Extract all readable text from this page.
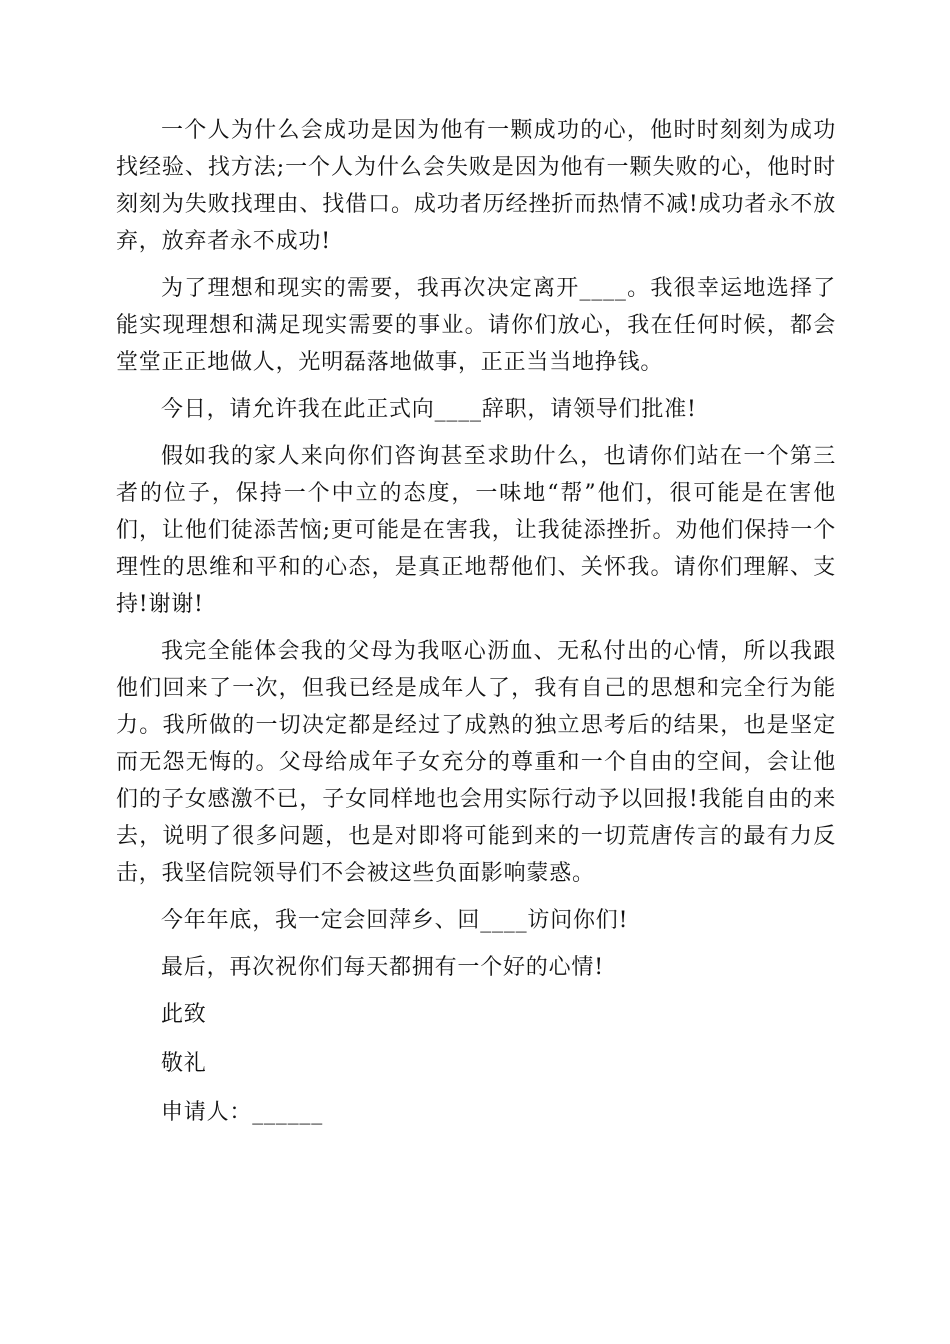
一个人为什么会成功是因为他有一颗成功的心，他时时刻刻为成功找经验、找方法;一个人为什么会失败是因为他有一颗失败的心，他时时刻刻为失败找理由、找借口。成功者历经挫折而热情不减!成功者永不放弃，放弃者永不成功!

为了理想和现实的需要，我再次决定离开____。我很幸运地选择了能实现理想和满足现实需要的事业。请你们放心，我在任何时候，都会堂堂正正地做人，光明磊落地做事，正正当当地挣钱。

今日，请允许我在此正式向____辞职，请领导们批准!

假如我的家人来向你们咨询甚至求助什么，也请你们站在一个第三者的位子，保持一个中立的态度，一味地“帮”他们，很可能是在害他们，让他们徒添苦恼;更可能是在害我，让我徒添挫折。劝他们保持一个理性的思维和平和的心态，是真正地帮他们、关怀我。请你们理解、支持!谢谢!

我完全能体会我的父母为我呕心沥血、无私付出的心情，所以我跟他们回来了一次，但我已经是成年人了，我有自己的思想和完全行为能力。我所做的一切决定都是经过了成熟的独立思考后的结果，也是坚定而无怨无悔的。父母给成年子女充分的尊重和一个自由的空间，会让他们的子女感激不已，子女同样地也会用实际行动予以回报!我能自由的来去，说明了很多问题，也是对即将可能到来的一切荒唐传言的最有力反击，我坚信院领导们不会被这些负面影响蒙惑。

今年年底，我一定会回萍乡、回____访问你们!

最后，再次祝你们每天都拥有一个好的心情!

此致

敬礼

申请人：______
